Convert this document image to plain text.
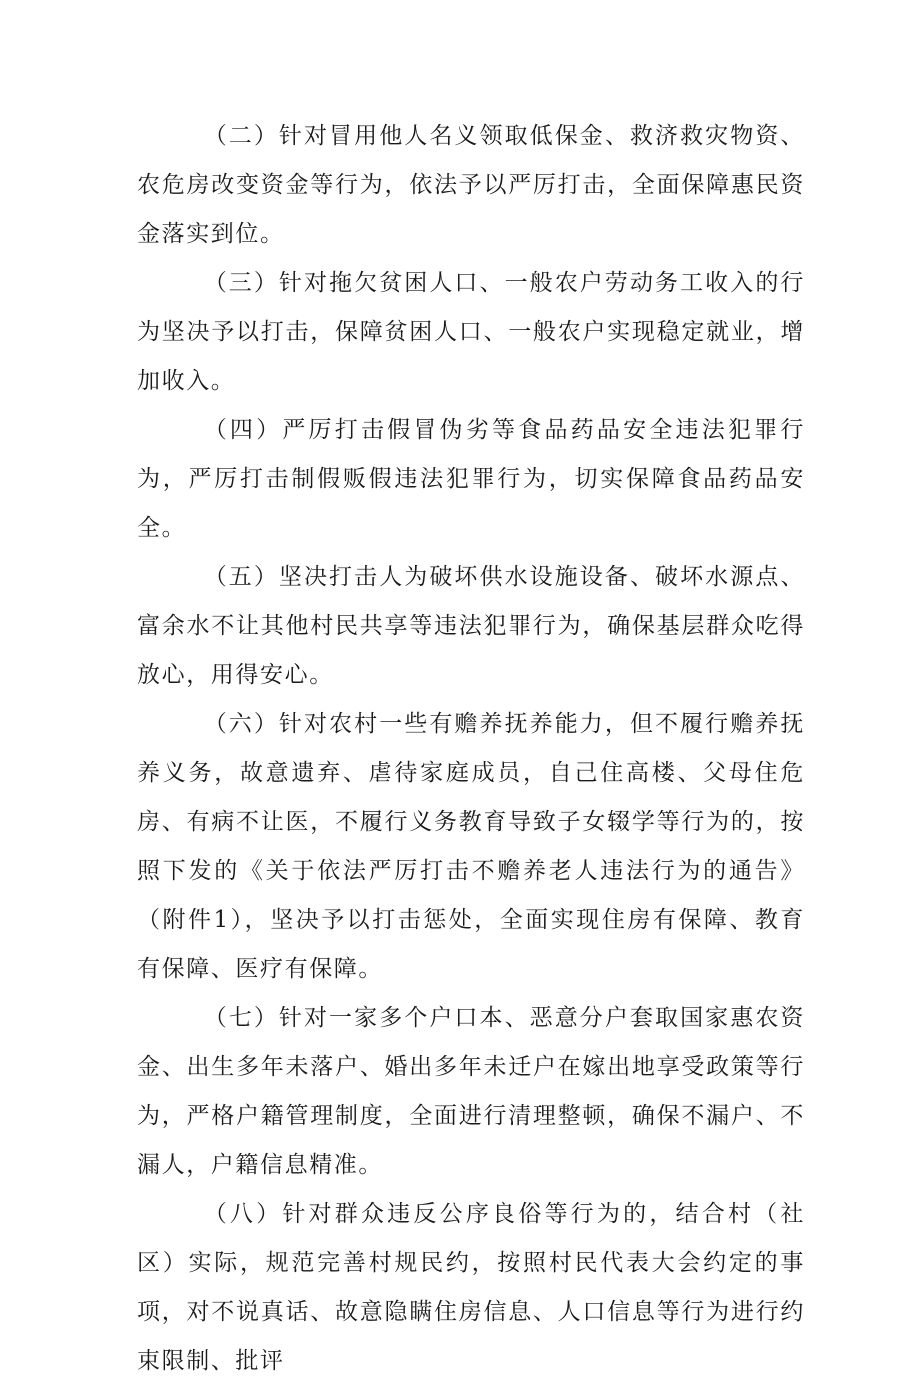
（二）针对冒用他人名义领取低保金、救济救灾物资、农危房改变资金等行为，依法予以严厉打击，全面保障惠民资金落实到位。

（三）针对拖欠贫困人口、一般农户劳动务工收入的行为坚决予以打击，保障贫困人口、一般农户实现稳定就业，增加收入。

（四）严厉打击假冒伪劣等食品药品安全违法犯罪行为，严厉打击制假贩假违法犯罪行为，切实保障食品药品安全。

（五）坚决打击人为破坏供水设施设备、破坏水源点、富余水不让其他村民共享等违法犯罪行为，确保基层群众吃得放心，用得安心。

（六）针对农村一些有赡养抚养能力，但不履行赡养抚养义务，故意遗弃、虐待家庭成员，自己住高楼、父母住危房、有病不让医，不履行义务教育导致子女辍学等行为的，按照下发的《关于依法严厉打击不赡养老人违法行为的通告》（附件1），坚决予以打击惩处，全面实现住房有保障、教育有保障、医疗有保障。

（七）针对一家多个户口本、恶意分户套取国家惠农资金、出生多年未落户、婚出多年未迁户在嫁出地享受政策等行为，严格户籍管理制度，全面进行清理整顿，确保不漏户、不漏人，户籍信息精准。

（八）针对群众违反公序良俗等行为的，结合村（社区）实际，规范完善村规民约，按照村民代表大会约定的事项，对不说真话、故意隐瞒住房信息、人口信息等行为进行约束限制、批评
